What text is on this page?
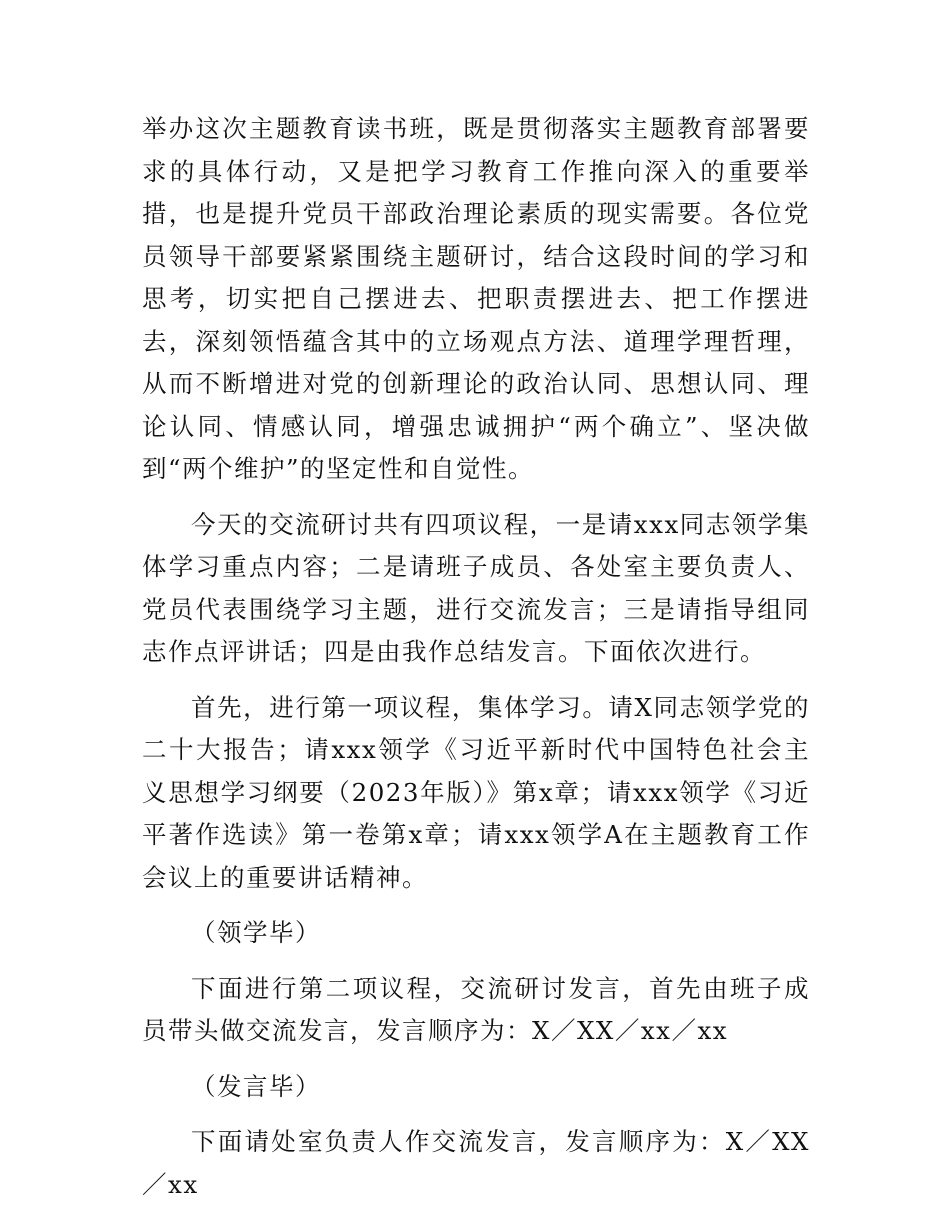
举办这次主题教育读书班，既是贯彻落实主题教育部署要求的具体行动，又是把学习教育工作推向深入的重要举措，也是提升党员干部政治理论素质的现实需要。各位党员领导干部要紧紧围绕主题研讨，结合这段时间的学习和思考，切实把自己摆进去、把职责摆进去、把工作摆进去，深刻领悟蕴含其中的立场观点方法、道理学理哲理，从而不断增进对党的创新理论的政治认同、思想认同、理论认同、情感认同，增强忠诚拥护“两个确立”、坚决做到“两个维护”的坚定性和自觉性。

今天的交流研讨共有四项议程，一是请xxx同志领学集体学习重点内容；二是请班子成员、各处室主要负责人、党员代表围绕学习主题，进行交流发言；三是请指导组同志作点评讲话；四是由我作总结发言。下面依次进行。

首先，进行第一项议程，集体学习。请X同志领学党的二十大报告；请xxx领学《习近平新时代中国特色社会主义思想学习纲要（2023年版）》第x章；请xxx领学《习近平著作选读》第一卷第x章；请xxx领学A在主题教育工作会议上的重要讲话精神。

（领学毕）

下面进行第二项议程，交流研讨发言，首先由班子成员带头做交流发言，发言顺序为：X／XX／xx／xx

（发言毕）

下面请处室负责人作交流发言，发言顺序为：X／XX／xx
